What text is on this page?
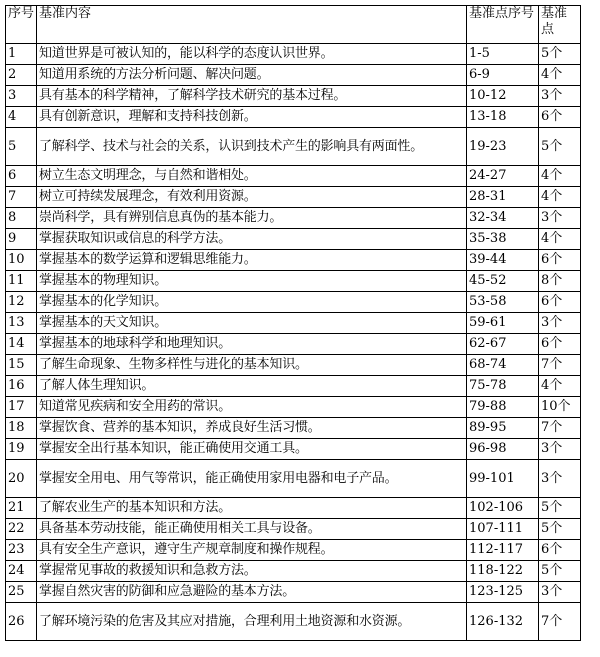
序号	基准内容	基准点序号	基准点
1	知道世界是可被认知的，能以科学的态度认识世界。	1-5	5个
2	知道用系统的方法分析问题、解决问题。	6-9	4个
3	具有基本的科学精神，了解科学技术研究的基本过程。	10-12	3个
4	具有创新意识，理解和支持科技创新。	13-18	6个
5	了解科学、技术与社会的关系，认识到技术产生的影响具有两面性。	19-23	5个
6	树立生态文明理念，与自然和谐相处。	24-27	4个
7	树立可持续发展理念，有效利用资源。	28-31	4个
8	崇尚科学，具有辨别信息真伪的基本能力。	32-34	3个
9	掌握获取知识或信息的科学方法。	35-38	4个
10	掌握基本的数学运算和逻辑思维能力。	39-44	6个
11	掌握基本的物理知识。	45-52	8个
12	掌握基本的化学知识。	53-58	6个
13	掌握基本的天文知识。	59-61	3个
14	掌握基本的地球科学和地理知识。	62-67	6个
15	了解生命现象、生物多样性与进化的基本知识。	68-74	7个
16	了解人体生理知识。	75-78	4个
17	知道常见疾病和安全用药的常识。	79-88	10个
18	掌握饮食、营养的基本知识，养成良好生活习惯。	89-95	7个
19	掌握安全出行基本知识，能正确使用交通工具。	96-98	3个
20	掌握安全用电、用气等常识，能正确使用家用电器和电子产品。	99-101	3个
21	了解农业生产的基本知识和方法。	102-106	5个
22	具备基本劳动技能，能正确使用相关工具与设备。	107-111	5个
23	具有安全生产意识，遵守生产规章制度和操作规程。	112-117	6个
24	掌握常见事故的救援知识和急救方法。	118-122	5个
25	掌握自然灾害的防御和应急避险的基本方法。	123-125	3个
26	了解环境污染的危害及其应对措施，合理利用土地资源和水资源。	126-132	7个
